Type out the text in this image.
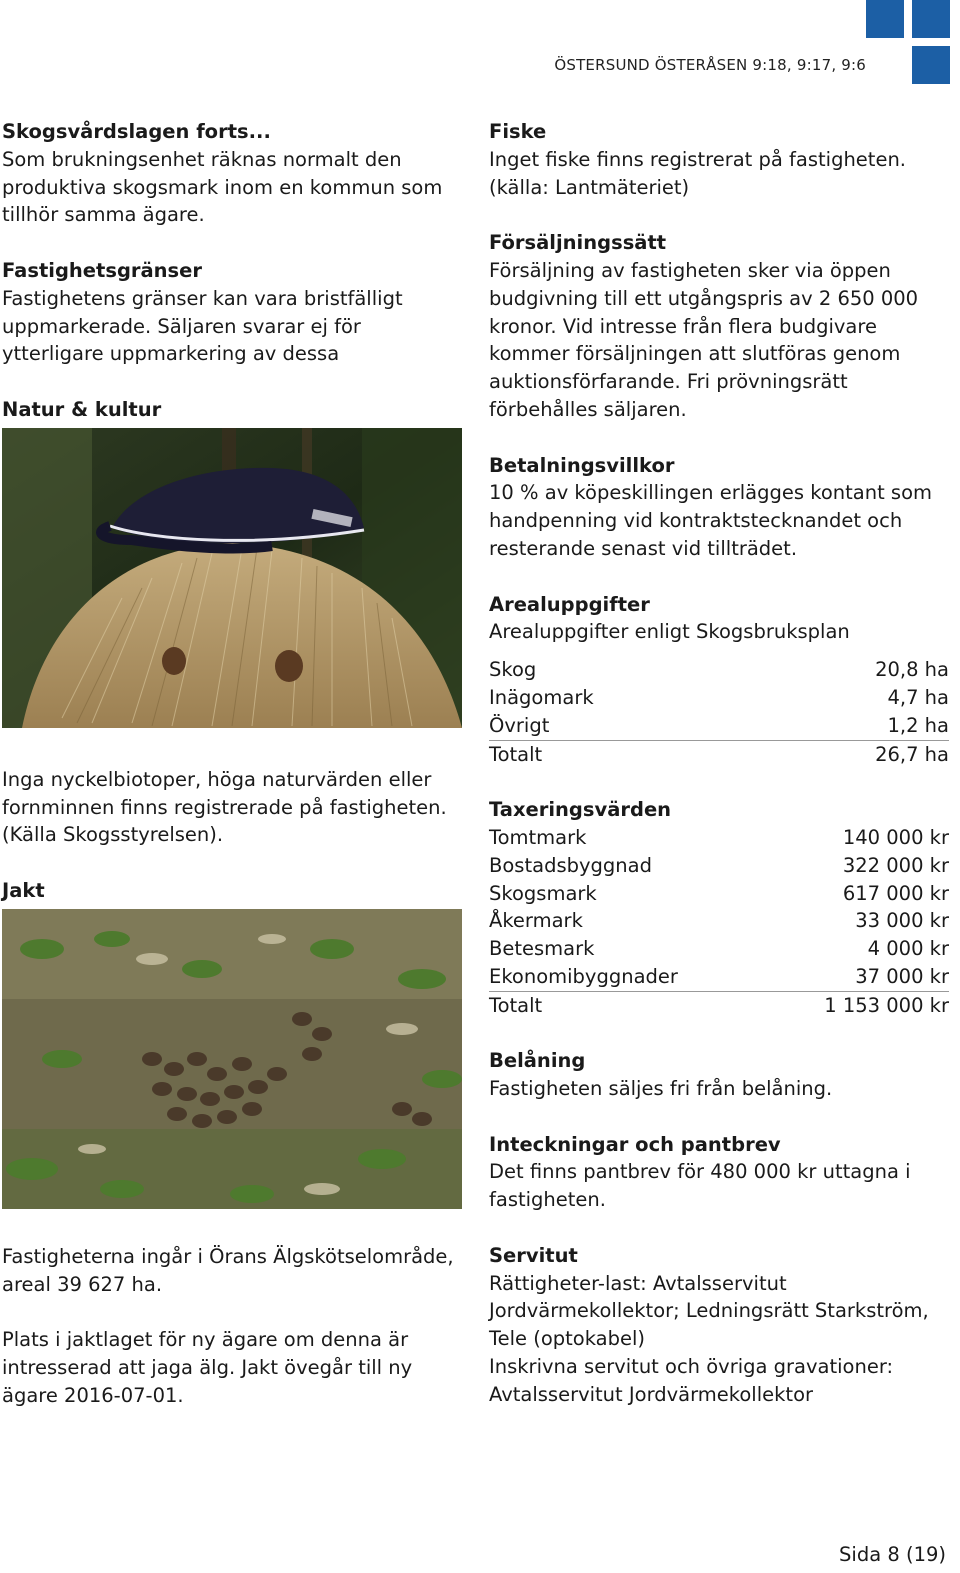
ÖSTERSUND ÖSTERÅSEN 9:18, 9:17, 9:6

Skogsvårdslagen forts...

Som brukningsenhet räknas normalt den produktiva skogsmark inom en kommun som tillhör samma ägare.

Fastighetsgränser

Fastighetens gränser kan vara bristfälligt uppmarkerade. Säljaren svarar ej för ytterligare uppmarkering av dessa

Natur & kultur

Inga nyckelbiotoper, höga naturvärden eller fornminnen finns registrerade på fastigheten. (Källa Skogsstyrelsen).

Jakt

Fastigheterna ingår i Örans Älgskötselområde, areal 39 627 ha.

Plats i jaktlaget för ny ägare om denna är intresserad att jaga älg. Jakt övegår till ny ägare 2016-07-01.

Fiske

Inget fiske finns registrerat på fastigheten. (källa: Lantmäteriet)

Försäljningssätt

Försäljning av fastigheten sker via öppen budgivning till ett utgångspris av 2 650 000 kronor. Vid intresse från flera budgivare kommer försäljningen att slutföras genom auktionsförfarande. Fri prövningsrätt förbehålles säljaren.

Betalningsvillkor

10 % av köpeskillingen erlägges kontant som handpenning vid kontraktstecknandet och resterande senast vid tillträdet.

Arealuppgifter

Arealuppgifter enligt Skogsbruksplan

Skog	20,8 ha
Inägomark	4,7 ha
Övrigt	1,2 ha
Totalt	26,7 ha

Taxeringsvärden

Tomtmark	140 000 kr
Bostadsbyggnad	322 000 kr
Skogsmark	617 000 kr
Åkermark	33 000 kr
Betesmark	4 000 kr
Ekonomibyggnader	37 000 kr
Totalt	1 153 000 kr

Belåning

Fastigheten säljes fri från belåning.

Inteckningar och pantbrev

Det finns pantbrev för 480 000 kr uttagna i fastigheten.

Servitut

Rättigheter-last: Avtalsservitut

Jordvärmekollektor; Ledningsrätt Starkström, Tele (optokabel)

Inskrivna servitut och övriga gravationer:

Avtalsservitut Jordvärmekollektor

Sida 8 (19)
